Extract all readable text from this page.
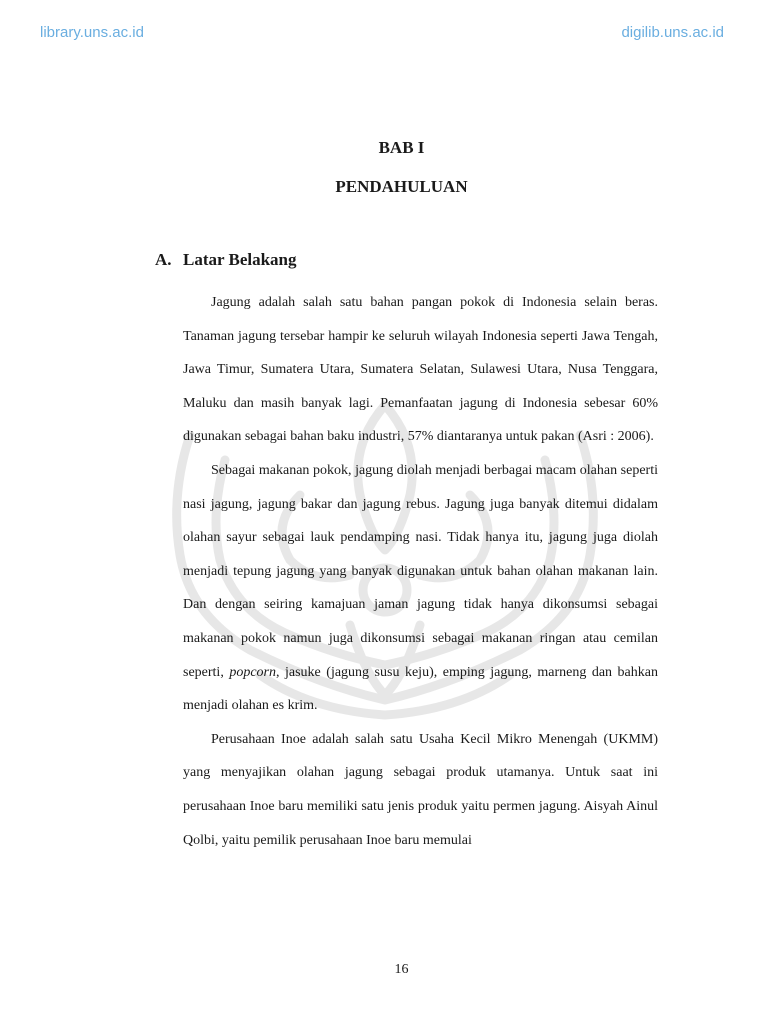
library.uns.ac.id	digilib.uns.ac.id
BAB I
PENDAHULUAN
A. Latar Belakang

Jagung adalah salah satu bahan pangan pokok di Indonesia selain beras. Tanaman jagung tersebar hampir ke seluruh wilayah Indonesia seperti Jawa Tengah, Jawa Timur, Sumatera Utara, Sumatera Selatan, Sulawesi Utara, Nusa Tenggara, Maluku dan masih banyak lagi. Pemanfaatan jagung di Indonesia sebesar 60% digunakan sebagai bahan baku industri, 57% diantaranya untuk pakan (Asri : 2006).

Sebagai makanan pokok, jagung diolah menjadi berbagai macam olahan seperti nasi jagung, jagung bakar dan jagung rebus. Jagung juga banyak ditemui didalam olahan sayur sebagai lauk pendamping nasi. Tidak hanya itu, jagung juga diolah menjadi tepung jagung yang banyak digunakan untuk bahan olahan makanan lain. Dan dengan seiring kamajuan jaman jagung tidak hanya dikonsumsi sebagai makanan pokok namun juga dikonsumsi sebagai makanan ringan atau cemilan seperti, popcorn, jasuke (jagung susu keju), emping jagung, marneng dan bahkan menjadi olahan es krim.

Perusahaan Inoe adalah salah satu Usaha Kecil Mikro Menengah (UKMM) yang menyajikan olahan jagung sebagai produk utamanya. Untuk saat ini perusahaan Inoe baru memiliki satu jenis produk yaitu permen jagung. Aisyah Ainul Qolbi, yaitu pemilik perusahaan Inoe baru memulai

16
